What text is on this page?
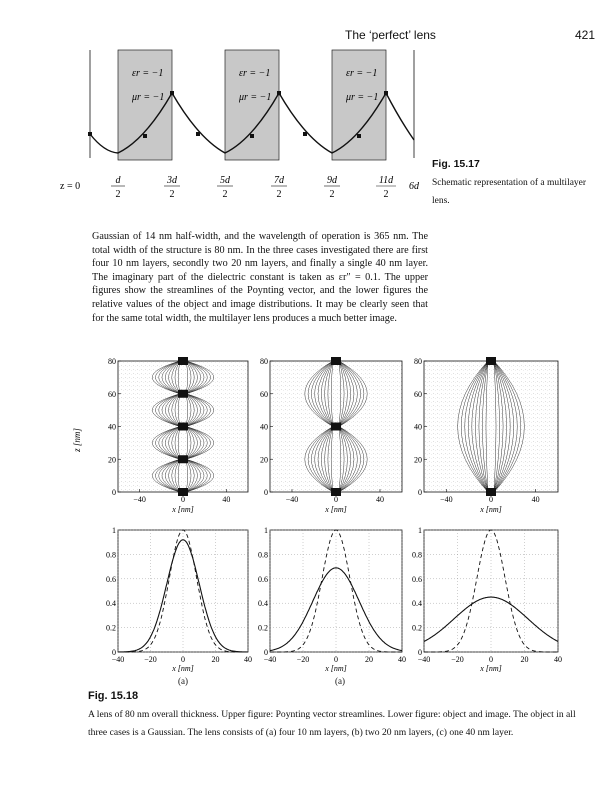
The ‘perfect’ lens	421
εr = −1
μr = −1
εr = −1
μr = −1
εr = −1
μr = −1
z = 0
d
2
3d
2
5d
2
7d
2
9d
2
11d
2
6d
Fig. 15.17
Schematic representation of a multilayer lens.
Gaussian of 14 nm half-width, and the wavelength of operation is 365 nm. The total width of the structure is 80 nm. In the three cases investigated there are first four 10 nm layers, secondly two 20 nm layers, and finally a single 40 nm layer. The imaginary part of the dielectric constant is taken as εr″ = 0.1. The upper figures show the streamlines of the Poynting vector, and the lower figures the relative values of the object and image distributions. It may be clearly seen that for the same total width, the multilayer lens produces a much better image.
0
20
40
60
80
−40	0	40
x [nm]
0
20
40
60
80
−40	0	40
x [nm]
0
20
40
60
80
−40	0	40
x [nm]
−40 −20	0	20	40
0
0.2
0.4
0.6
0.8
1
x [nm]
−40	−20	0	20	40
0
0.2
0.4
0.6
0.8
1
x [nm]
−40	−20	0	20	40
0
0.2
0.4
0.6
0.8
1
x [nm]
z [nm]
(a)	(a)
Fig. 15.18
A lens of 80 nm overall thickness. Upper figure: Poynting vector streamlines. Lower figure: object and image. The object in all three cases is a Gaussian. The lens consists of (a) four 10 nm layers, (b) two 20 nm layers, (c) one 40 nm layer.
